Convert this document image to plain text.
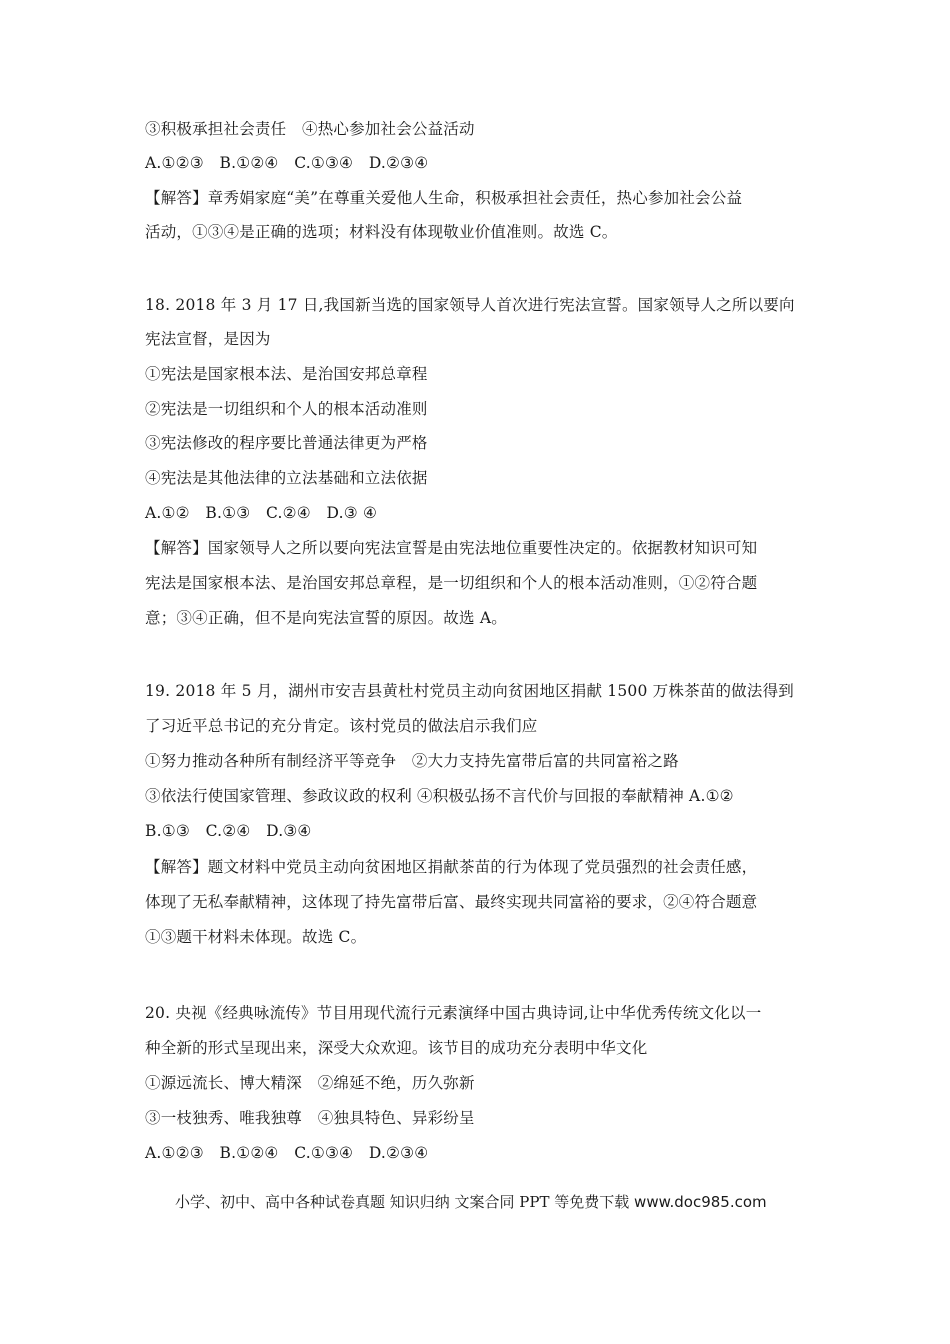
③积极承担社会责任　④热心参加社会公益活动
A.①②③　B.①②④　C.①③④　D.②③④
【解答】章秀娟家庭“美”在尊重关爱他人生命，积极承担社会责任，热心参加社会公益
活动，①③④是正确的选项；材料没有体现敬业价值准则。故选 C。
18. 2018 年 3 月 17 日,我国新当选的国家领导人首次进行宪法宣誓。国家领导人之所以要向
宪法宣督，是因为
①宪法是国家根本法、是治国安邦总章程
②宪法是一切组织和个人的根本活动准则
③宪法修改的程序要比普通法律更为严格
④宪法是其他法律的立法基础和立法依据
A.①②　B.①③　C.②④　D.③ ④
【解答】国家领导人之所以要向宪法宣誓是由宪法地位重要性决定的。依据教材知识可知
宪法是国家根本法、是治国安邦总章程，是一切组织和个人的根本活动准则，①②符合题
意；③④正确，但不是向宪法宣誓的原因。故选 A。
19. 2018 年 5 月，湖州市安吉县黄杜村党员主动向贫困地区捐献 1500 万株茶苗的做法得到
了习近平总书记的充分肯定。该村党员的做法启示我们应
①努力推动各种所有制经济平等竞争　②大力支持先富带后富的共同富裕之路
③依法行使国家管理、参政议政的权利 ④积极弘扬不言代价与回报的奉献精神 A.①②
B.①③　C.②④　D.③④
【解答】题文材料中党员主动向贫困地区捐献茶苗的行为体现了党员强烈的社会责任感，
体现了无私奉献精神，这体现了持先富带后富、最终实现共同富裕的要求，②④符合题意
①③题干材料未体现。故选 C。
20. 央视《经典咏流传》节目用现代流行元素演绎中国古典诗词,让中华优秀传统文化以一
种全新的形式呈现出来，深受大众欢迎。该节目的成功充分表明中华文化
①源远流长、博大精深　②绵延不绝，历久弥新
③一枝独秀、唯我独尊　④独具特色、异彩纷呈
A.①②③　B.①②④　C.①③④　D.②③④
小学、初中、高中各种试卷真题 知识归纳 文案合同 PPT 等免费下载 www.doc985.com
